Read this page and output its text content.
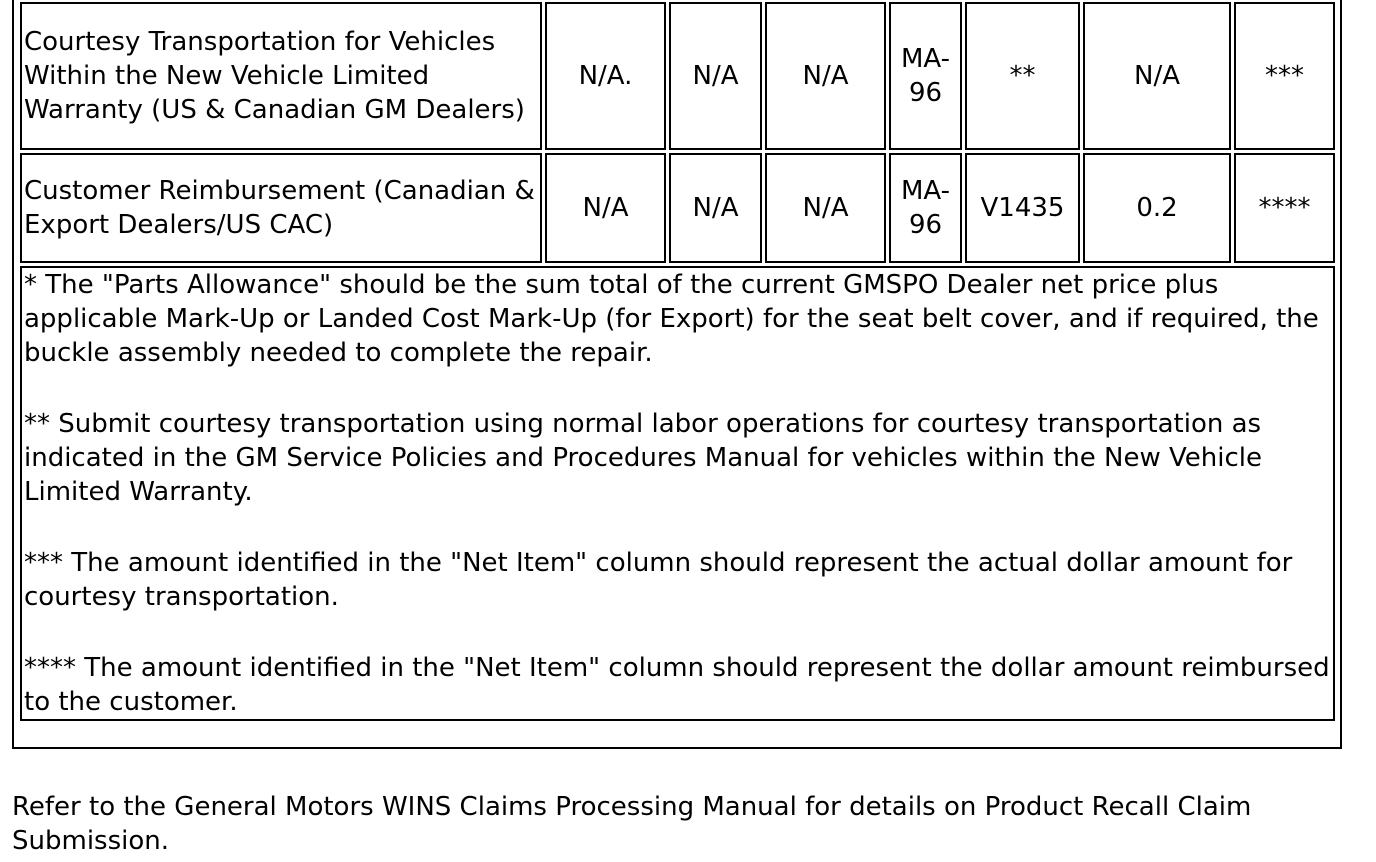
Courtesy Transportation for Vehicles Within the New Vehicle Limited Warranty (US & Canadian GM Dealers)	N/A.	N/A	N/A	MA-96	**	N/A	***
Customer Reimbursement (Canadian & Export Dealers/US CAC)	N/A	N/A	N/A	MA-96	V1435	0.2	****

* The "Parts Allowance" should be the sum total of the current GMSPO Dealer net price plus applicable Mark-Up or Landed Cost Mark-Up (for Export) for the seat belt cover, and if required, the buckle assembly needed to complete the repair.

** Submit courtesy transportation using normal labor operations for courtesy transportation as indicated in the GM Service Policies and Procedures Manual for vehicles within the New Vehicle Limited Warranty.

*** The amount identified in the "Net Item" column should represent the actual dollar amount for courtesy transportation.

**** The amount identified in the "Net Item" column should represent the dollar amount reimbursed to the customer.							

Refer to the General Motors WINS Claims Processing Manual for details on Product Recall Claim Submission.
